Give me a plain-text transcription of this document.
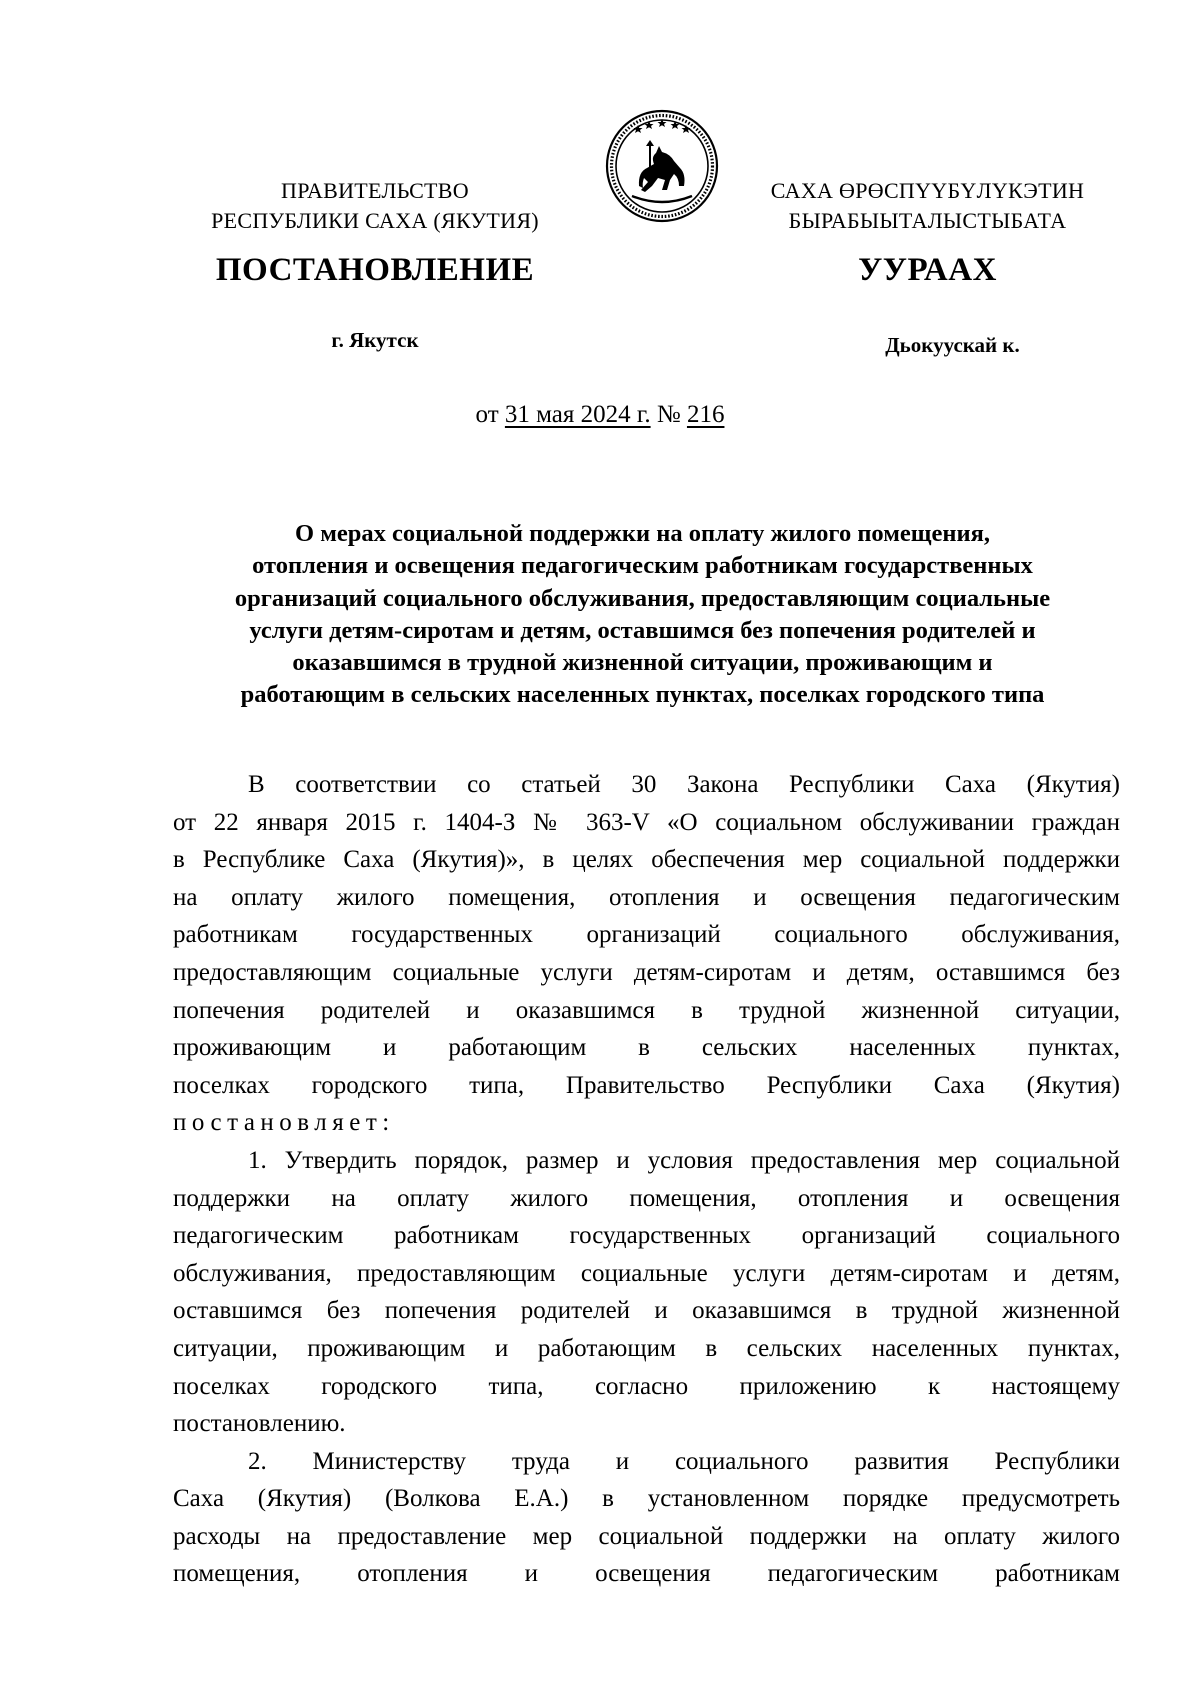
ПРАВИТЕЛЬСТВО
РЕСПУБЛИКИ САХА (ЯКУТИЯ)
САХА ӨРӨСПҮҮБҮЛҮКЭТИН
БЫРАБЫЫТАЛЫСТЫБАТА
ПОСТАНОВЛЕНИЕ	УУРААХ
г. Якутск	Дьокуускай к.
от 31 мая 2024 г. № 216

О мерах социальной поддержки на оплату жилого помещения,

отопления и освещения педагогическим работникам государственных

организаций социального обслуживания, предоставляющим социальные

услуги детям-сиротам и детям, оставшимся без попечения родителей и

оказавшимся в трудной жизненной ситуации, проживающим и

работающим в сельских населенных пунктах, поселках городского типа

В соответствии со статьей 30 Закона Республики Саха (Якутия)
от 22 января 2015 г. 1404-З № 363-V «О социальном обслуживании граждан
в Республике Саха (Якутия)», в целях обеспечения мер социальной поддержки
на оплату жилого помещения, отопления и освещения педагогическим
работникам государственных организаций социального обслуживания,
предоставляющим социальные услуги детям-сиротам и детям, оставшимся без
попечения родителей и оказавшимся в трудной жизненной ситуации,
проживающим и работающим в сельских населенных пунктах,
поселках городского типа, Правительство Республики Саха (Якутия)
постановляет:
1. Утвердить порядок, размер и условия предоставления мер социальной
поддержки на оплату жилого помещения, отопления и освещения
педагогическим работникам государственных организаций социального
обслуживания, предоставляющим социальные услуги детям-сиротам и детям,
оставшимся без попечения родителей и оказавшимся в трудной жизненной
ситуации, проживающим и работающим в сельских населенных пунктах,
поселках городского типа, согласно приложению к настоящему
постановлению.
2. Министерству труда и социального развития Республики
Саха (Якутия) (Волкова Е.А.) в установленном порядке предусмотреть
расходы на предоставление мер социальной поддержки на оплату жилого
помещения, отопления и освещения педагогическим работникам
